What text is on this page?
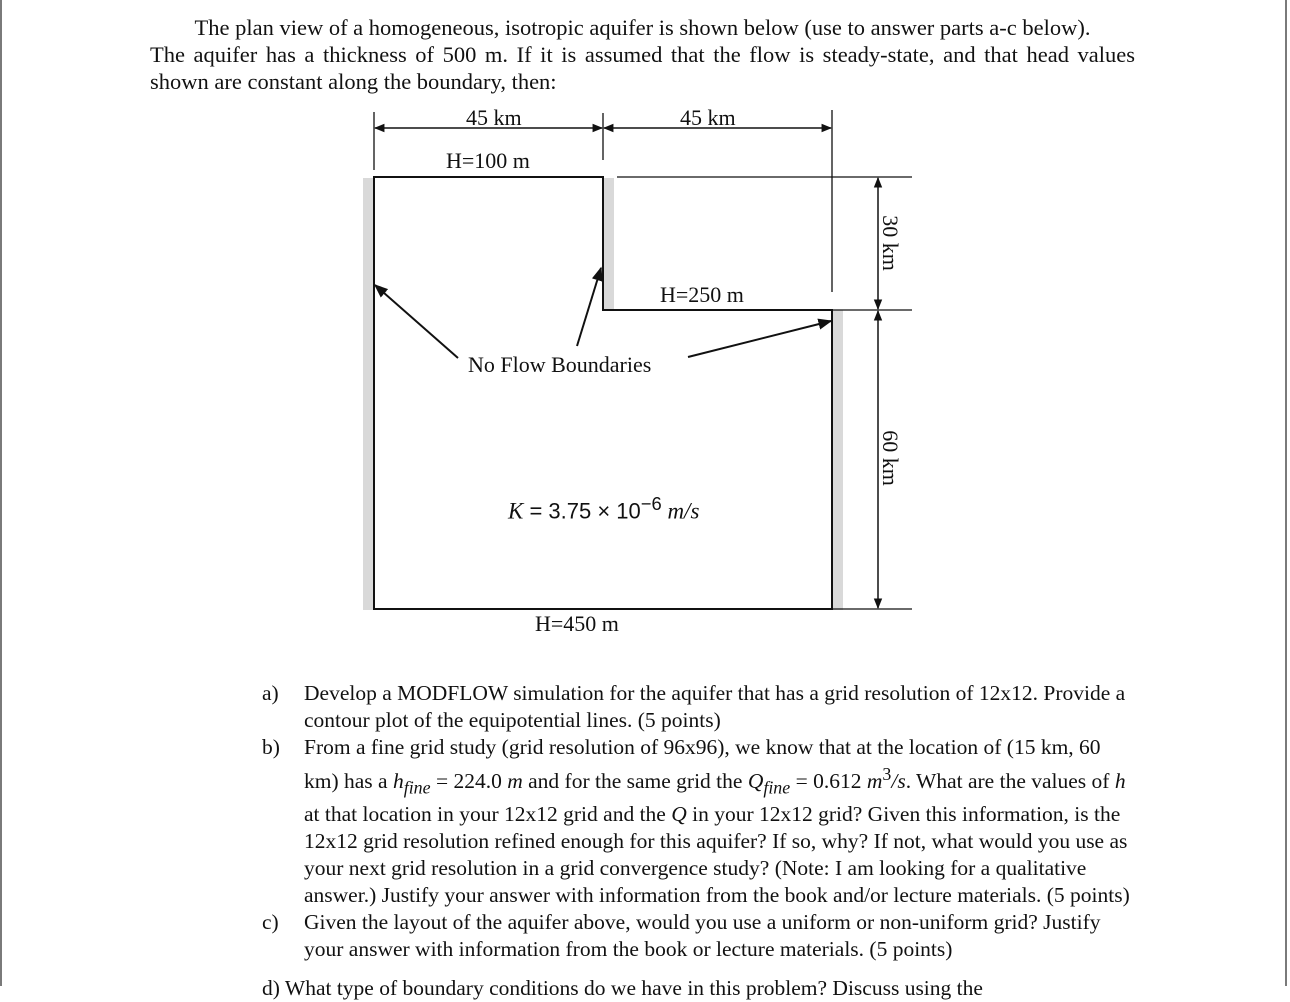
The plan view of a homogeneous, isotropic aquifer is shown below (use to answer parts a-c below).
The aquifer has a thickness of 500 m. If it is assumed that the flow is steady-state, and that head values
shown are constant along the boundary, then:
45 km	45 km
H=100 m
H=250 m
H=450 m
No Flow Boundaries
30 km
60 km
$K = 3.75 \times 10^{-6}$ m/s
a) Develop a MODFLOW simulation for the aquifer that has a grid resolution of 12x12. Provide a contour plot of the equipotential lines. (5 points)
b) From a fine grid study (grid resolution of 96x96), we know that at the location of (15 km, 60 km) has a $h_{fine} = 224.0$ m and for the same grid the $Q_{fine} = 0.612$ $m^3/s$. What are the values of h at that location in your 12x12 grid and the Q in your 12x12 grid? Given this information, is the 12x12 grid resolution refined enough for this aquifer? If so, why? If not, what would you use as your next grid resolution in a grid convergence study? (Note: I am looking for a qualitative answer.) Justify your answer with information from the book and/or lecture materials. (5 points)
c) Given the layout of the aquifer above, would you use a uniform or non-uniform grid? Justify your answer with information from the book or lecture materials. (5 points)
d) What type of boundary conditions do we have in this problem? Discuss using the
